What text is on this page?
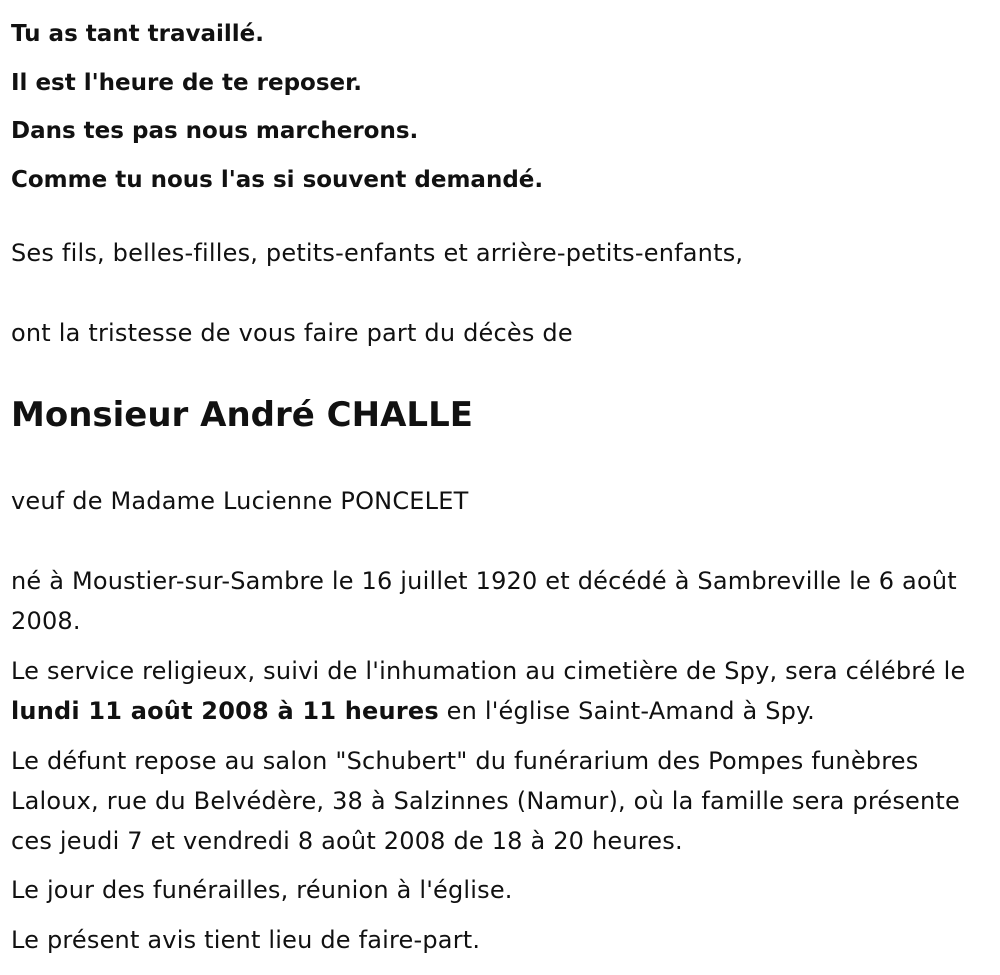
Tu as tant travaillé.
Il est l'heure de te reposer.
Dans tes pas nous marcherons.
Comme tu nous l'as si souvent demandé.
Ses fils, belles-filles, petits-enfants et arrière-petits-enfants,
ont la tristesse de vous faire part du décès de
Monsieur André CHALLE
veuf de Madame Lucienne PONCELET
né à Moustier-sur-Sambre le 16 juillet 1920 et décédé à Sambreville le 6 août 2008.
Le service religieux, suivi de l'inhumation au cimetière de Spy, sera célébré le lundi 11 août 2008 à 11 heures en l'église Saint-Amand à Spy.
Le défunt repose au salon "Schubert" du funérarium des Pompes funèbres Laloux, rue du Belvédère, 38 à Salzinnes (Namur), où la famille sera présente ces jeudi 7 et vendredi 8 août 2008 de 18 à 20 heures.
Le jour des funérailles, réunion à l'église.
Le présent avis tient lieu de faire-part.
